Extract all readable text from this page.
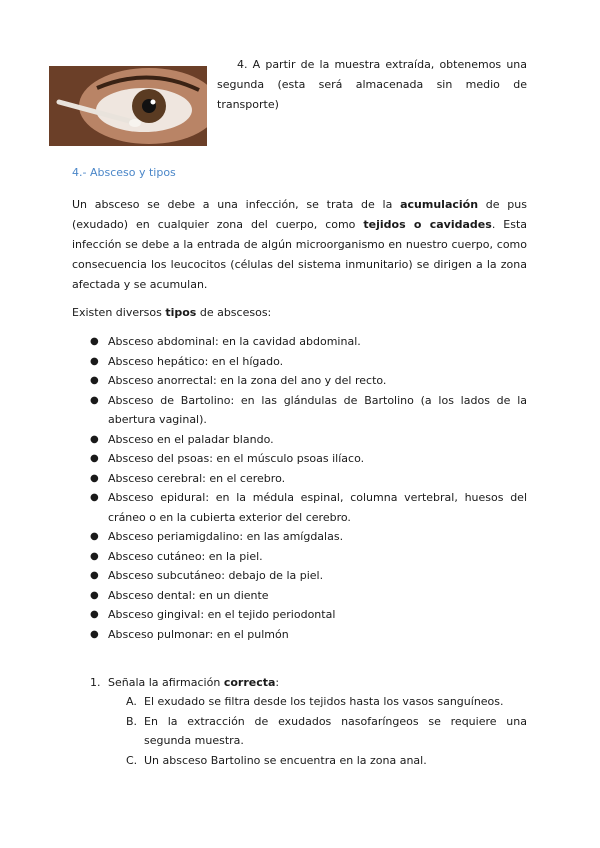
4. A partir de la muestra extraída, obtenemos una segunda (esta será almacenada sin medio de transporte)
4.- Absceso y tipos
Un absceso se debe a una infección, se trata de la acumulación de pus (exudado) en cualquier zona del cuerpo, como tejidos o cavidades. Esta infección se debe a la entrada de algún microorganismo en nuestro cuerpo, como consecuencia los leucocitos (células del sistema inmunitario) se dirigen a la zona afectada y se acumulan.
Existen diversos tipos de abscesos:
● Absceso abdominal: en la cavidad abdominal.
● Absceso hepático: en el hígado.
● Absceso anorrectal: en la zona del ano y del recto.
● Absceso de Bartolino: en las glándulas de Bartolino (a los lados de la abertura vaginal).
● Absceso en el paladar blando.
● Absceso del psoas: en el músculo psoas ilíaco.
● Absceso cerebral: en el cerebro.
● Absceso epidural: en la médula espinal, columna vertebral, huesos del cráneo o en la cubierta exterior del cerebro.
● Absceso periamigdalino: en las amígdalas.
● Absceso cutáneo: en la piel.
● Absceso subcutáneo: debajo de la piel.
● Absceso dental: en un diente
● Absceso gingival: en el tejido periodontal
● Absceso pulmonar: en el pulmón
1. Señala la afirmación correcta:
A. El exudado se filtra desde los tejidos hasta los vasos sanguíneos.
B. En la extracción de exudados nasofaríngeos se requiere una segunda muestra.
C. Un absceso Bartolino se encuentra en la zona anal.
